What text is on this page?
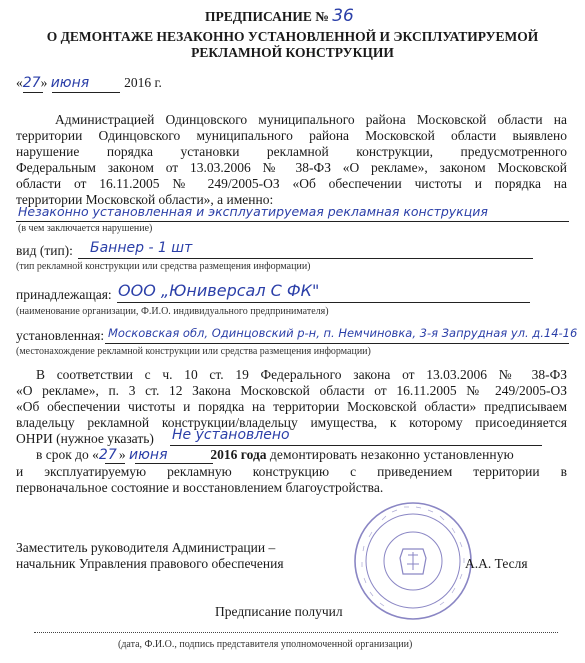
ПРЕДПИСАНИЕ № 36
О ДЕМОНТАЖЕ НЕЗАКОННО УСТАНОВЛЕННОЙ И ЭКСПЛУАТИРУЕМОЙ
РЕКЛАМНОЙ КОНСТРУКЦИИ
«27» июня	2016 г.
Администрацией Одинцовского муниципального района Московской области на
территории Одинцовского муниципального района Московской области выявлено
нарушение порядка установки рекламной конструкции, предусмотренного
Федеральным законом от 13.03.2006 № 38-ФЗ «О рекламе», законом Московской
области от 16.11.2005 № 249/2005-ОЗ «Об обеспечении чистоты и порядка на
территории Московской области», а именно:
Незаконно установленная и эксплуатируемая рекламная конструкция
(в чем заключается нарушение)
вид (тип): Баннер - 1 шт
(тип рекламной конструкции или средства размещения информации)
принадлежащая: ООО „Юниверсал С ФК"
(наименование организации, Ф.И.О. индивидуального предпринимателя)
установленная: Московская обл, Одинцовский р-н, п. Немчиновка, 3-я Запрудная ул. д.14-16
(местонахождение рекламной конструкции или средства размещения информации)
В соответствии с ч. 10 ст. 19 Федерального закона от 13.03.2006 № 38-ФЗ
«О рекламе», п. 3 ст. 12 Закона Московской области от 16.11.2005 № 249/2005-ОЗ
«Об обеспечении чистоты и порядка на территории Московской области» предписываем
владельцу рекламной конструкции/владельцу имущества, к которому присоединяется
ОНРИ (нужное указать) Не установлено
в срок до «27 » июня	2016 года демонтировать незаконно установленную
и эксплуатируемую рекламную конструкцию с приведением территории в
первоначальное состояние и восстановлением благоустройства.
Заместитель руководителя Администрации –
начальник Управления правового обеспечения	А.А. Тесля
Предписание получил
(дата, Ф.И.О., подпись представителя уполномоченной организации)
